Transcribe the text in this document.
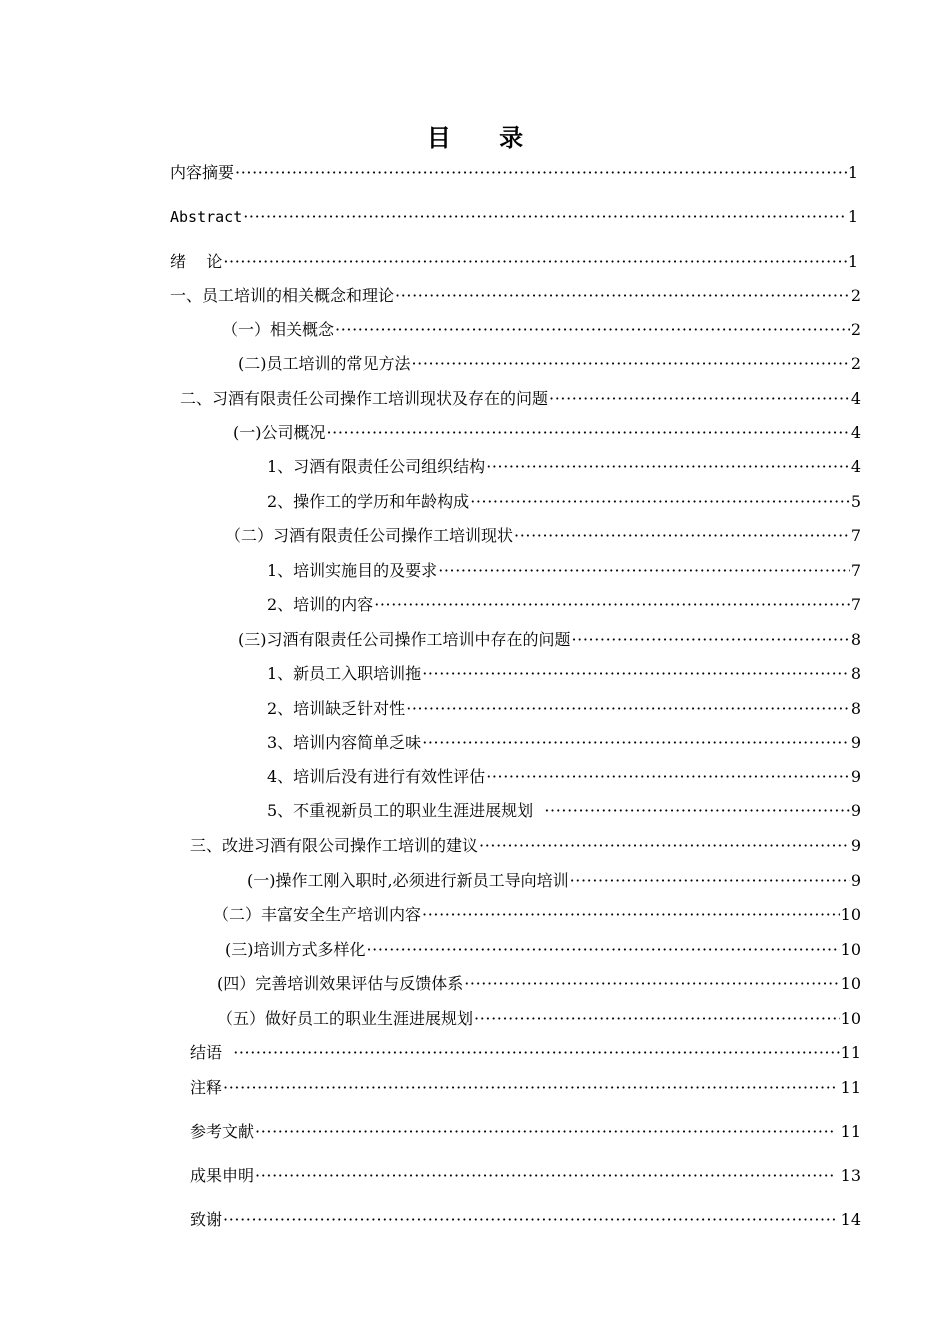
目 录
内容摘要 ·····	1
Abstract ·····	1
绪    论 ·····	1
一、员工培训的相关概念和理论 ·····	2
（一）相关概念 ·····	2
(二)员工培训的常见方法 ·····	2
二、习酒有限责任公司操作工培训现状及存在的问题 ·····	4
(一)公司概况 ·····	4
1、习酒有限责任公司组织结构 ·····	4
2、操作工的学历和年龄构成 ·····	5
（二）习酒有限责任公司操作工培训现状 ·····	7
1、培训实施目的及要求 ·····	7
2、培训的内容 ·····	7
(三)习酒有限责任公司操作工培训中存在的问题 ·····	8
1、新员工入职培训拖 ·····	8
2、培训缺乏针对性 ·····	8
3、培训内容简单乏味 ·····	9
4、培训后没有进行有效性评估 ·····	9
5、不重视新员工的职业生涯进展规划 ·····	9
三、改进习酒有限公司操作工培训的建议 ·····	9
(一)操作工刚入职时,必须进行新员工导向培训 ·····	9
（二）丰富安全生产培训内容 ·····	10
(三)培训方式多样化 ·····	10
(四）完善培训效果评估与反馈体系 ·····	10
（五）做好员工的职业生涯进展规划 ·····	10
结语 ·····	11
注释 ·····	11
参考文献 ·····	11
成果申明 ·····	13
致谢 ·····	14
